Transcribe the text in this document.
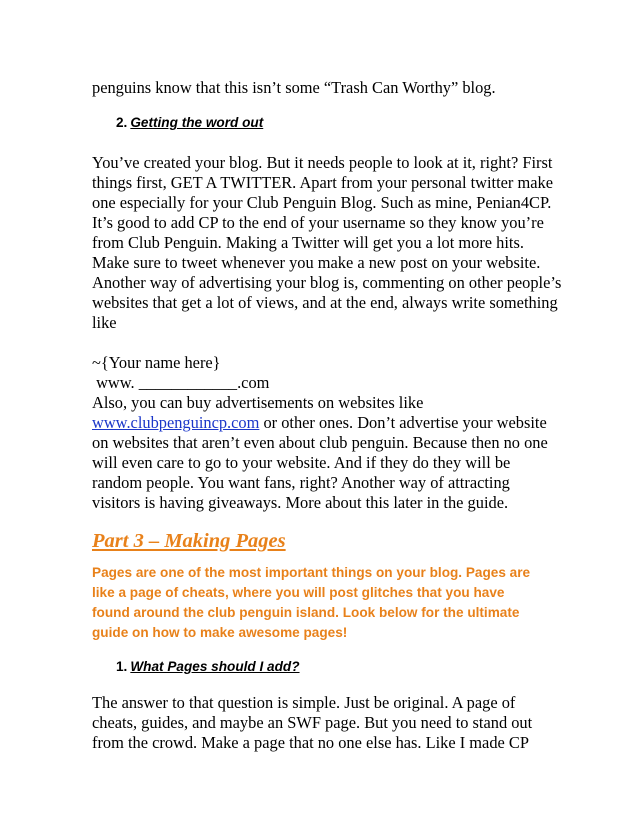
penguins know that this isn’t some “Trash Can Worthy” blog.

2. Getting the word out
You’ve created your blog. But it needs people to look at it, right? First
things first, GET A TWITTER. Apart from your personal twitter make
one especially for your Club Penguin Blog. Such as mine, Penian4CP.
It’s good to add CP to the end of your username so they know you’re
from Club Penguin. Making a Twitter will get you a lot more hits.
Make sure to tweet whenever you make a new post on your website.
Another way of advertising your blog is, commenting on other people’s
websites that get a lot of views, and at the end, always write something
like
~{Your name here}
www. ____________.com
Also, you can buy advertisements on websites like
www.clubpenguincp.com or other ones. Don’t advertise your website
on websites that aren’t even about club penguin. Because then no one
will even care to go to your website. And if they do they will be
random people. You want fans, right? Another way of attracting
visitors is having giveaways. More about this later in the guide.
Part 3 – Making Pages
Pages are one of the most important things on your blog. Pages are
like a page of cheats, where you will post glitches that you have
found around the club penguin island. Look below for the ultimate
guide on how to make awesome pages!
1. What Pages should I add?
The answer to that question is simple. Just be original. A page of
cheats, guides, and maybe an SWF page. But you need to stand out
from the crowd. Make a page that no one else has. Like I made CP
